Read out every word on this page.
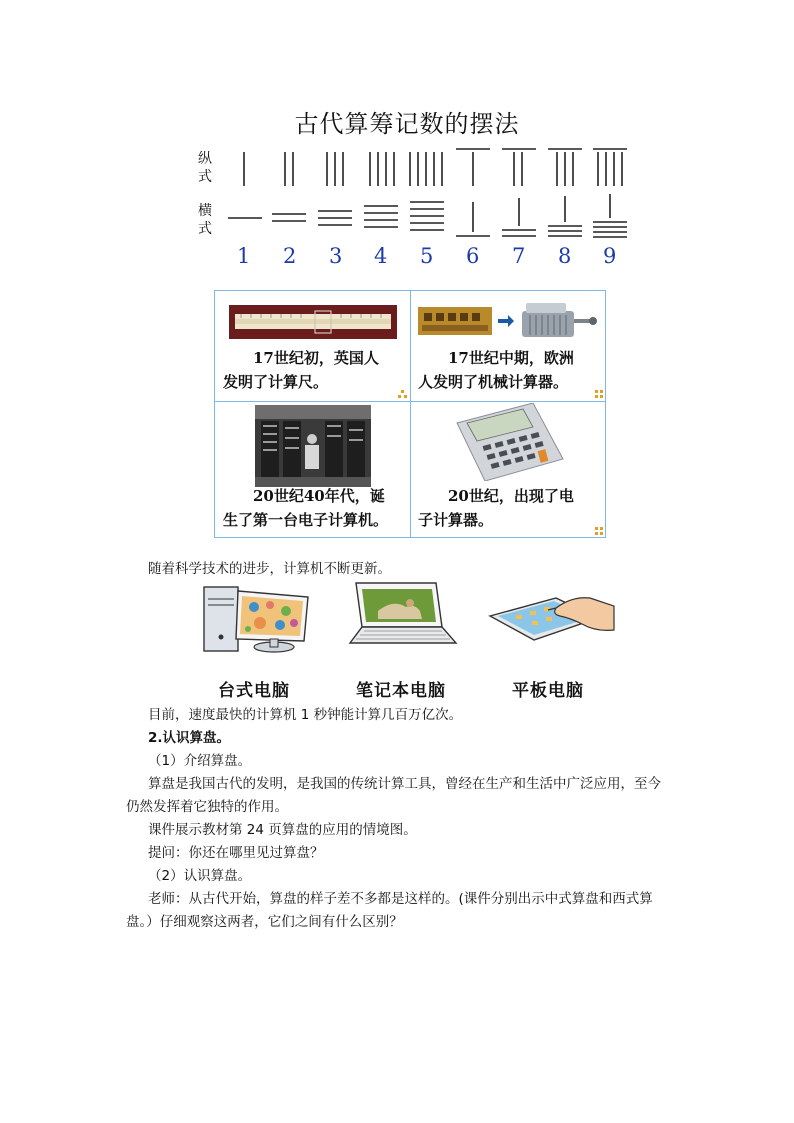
古代算筹记数的摆法
纵
式
横
式
1 2 3 4 5 6 7 8 9
17世纪初，英国人
发明了计算尺。
17世纪中期，欧洲
人发明了机械计算器。
20世纪40年代，诞
生了第一台电子计算机。
20世纪，出现了电
子计算器。
随着科学技术的进步，计算机不断更新。
台式电脑	笔记本电脑	平板电脑
目前，速度最快的计算机 1 秒钟能计算几百万亿次。
2.认识算盘。
（1）介绍算盘。
算盘是我国古代的发明，是我国的传统计算工具，曾经在生产和生活中广泛应用，至今
仍然发挥着它独特的作用。
课件展示教材第 24 页算盘的应用的情境图。
提问：你还在哪里见过算盘？
（2）认识算盘。
老师：从古代开始，算盘的样子差不多都是这样的。(课件分别出示中式算盘和西式算
盘。）仔细观察这两者，它们之间有什么区别？
